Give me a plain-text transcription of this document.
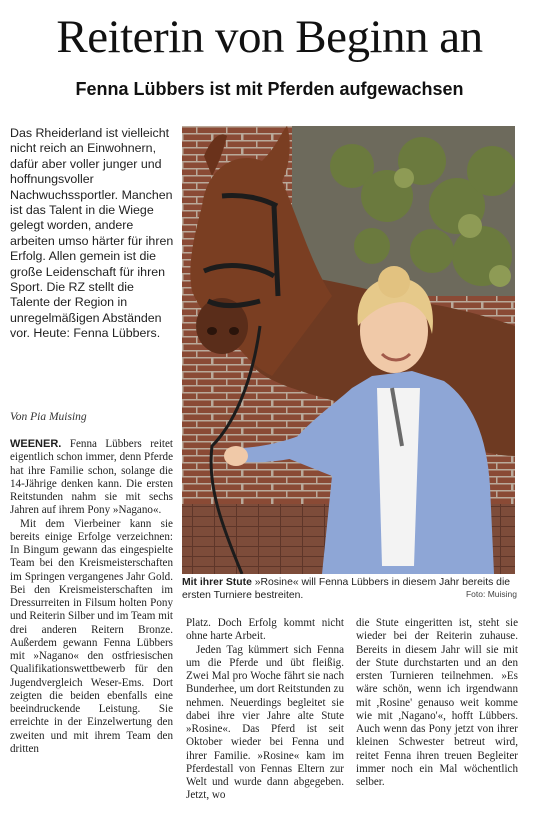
Reiterin von Beginn an
Fenna Lübbers ist mit Pferden aufgewachsen

Das Rheiderland ist vielleicht nicht reich an Einwohnern, dafür aber voller junger und hoffnungsvoller Nachwuchssportler. Manchen ist das Talent in die Wiege gelegt worden, andere arbeiten umso härter für ihren Erfolg. Allen gemein ist die große Leidenschaft für ihren Sport. Die RZ stellt die Talente der Region in unregelmäßigen Abständen vor. Heute: Fenna Lübbers.

Von Pia Muising

WEENER. Fenna Lübbers reitet eigentlich schon immer, denn Pferde hat ihre Familie schon, solange die 14-Jährige denken kann. Die ersten Reitstunden nahm sie mit sechs Jahren auf ihrem Pony »Nagano«.

Mit dem Vierbeiner kann sie bereits einige Erfolge verzeichnen: In Bingum gewann das eingespielte Team bei den Kreismeisterschaften im Springen vergangenes Jahr Gold. Bei den Kreismeisterschaften im Dressurreiten in Filsum holten Pony und Reiterin Silber und im Team mit drei anderen Reitern Bronze. Außerdem gewann Fenna Lübbers mit »Nagano« den ostfriesischen Qualifikationswettbewerb für den Jugendvergleich Weser-Ems. Dort zeigten die beiden ebenfalls eine beeindruckende Leistung. Sie erreichte in der Einzelwertung den zweiten und mit ihrem Team den dritten

Platz. Doch Erfolg kommt nicht ohne harte Arbeit.

Jeden Tag kümmert sich Fenna um die Pferde und übt fleißig. Zwei Mal pro Woche fährt sie nach Bunderhee, um dort Reitstunden zu nehmen. Neuerdings begleitet sie dabei ihre vier Jahre alte Stute »Rosine«. Das Pferd ist seit Oktober wieder bei Fenna und ihrer Familie. »Rosine« kam im Pferdestall von Fennas Eltern zur Welt und wurde dann abgegeben. Jetzt, wo

die Stute eingeritten ist, steht sie wieder bei der Reiterin zuhause. Bereits in diesem Jahr will sie mit der Stute durchstarten und an den ersten Turnieren teilnehmen. »Es wäre schön, wenn ich irgendwann mit ,Rosine' genauso weit komme wie mit ,Nagano'«, hofft Lübbers. Auch wenn das Pony jetzt von ihrer kleinen Schwester betreut wird, reitet Fenna ihren treuen Begleiter immer noch ein Mal wöchentlich selber.

Mit ihrer Stute »Rosine« will Fenna Lübbers in diesem Jahr bereits die ersten Turniere bestreiten.	Foto: Muising
